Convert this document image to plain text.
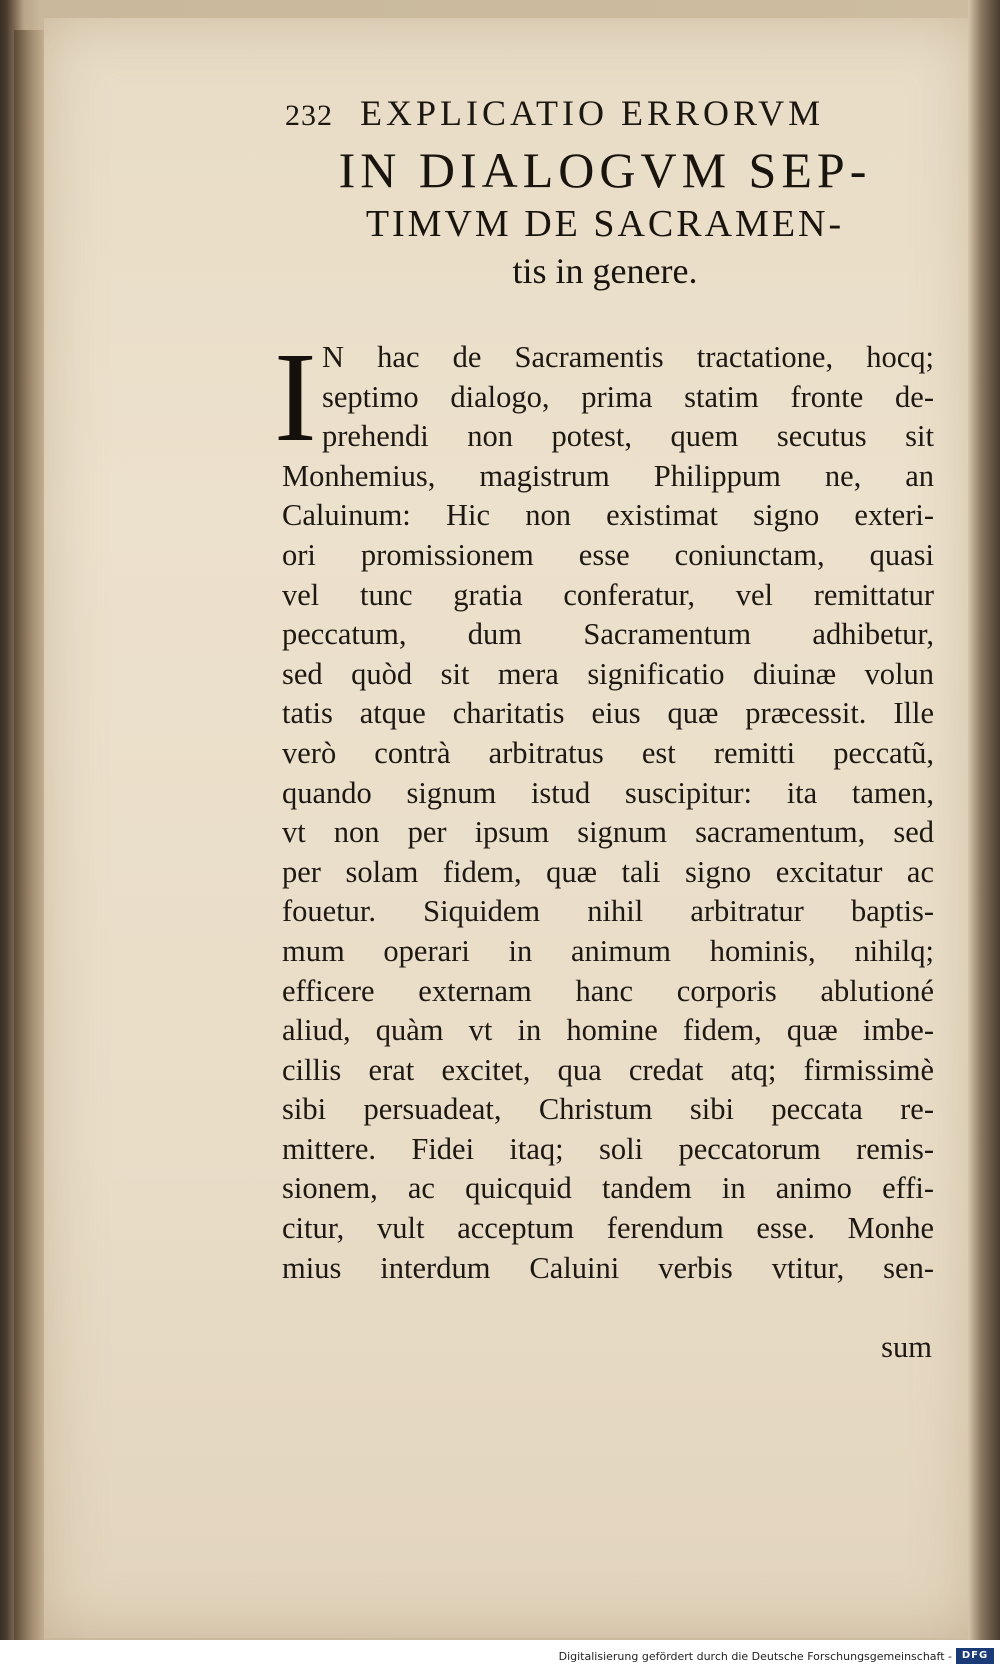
232 EXPLICATIO ERRORVM
IN DIALOGVM SEP-
TIMVM DE SACRAMEN-
tis in genere.
I N hac de Sacramentis tractatione, hocq;
septimo dialogo, prima statim fronte de-
prehendi non potest, quem secutus sit
Monhemius, magistrum Philippum ne, an
Caluinum: Hic non existimat signo exteri-
ori promissionem esse coniunctam, quasi
vel tunc gratia conferatur, vel remittatur
peccatum, dum Sacramentum adhibetur,
sed quòd sit mera significatio diuinæ volun
tatis atque charitatis eius quæ præcessit. Ille
verò contrà arbitratus est remitti peccatũ,
quando signum istud suscipitur: ita tamen,
vt non per ipsum signum sacramentum, sed
per solam fidem, quæ tali signo excitatur ac
fouetur. Siquidem nihil arbitratur baptis-
mum operari in animum hominis, nihilq;
efficere externam hanc corporis ablutioné
aliud, quàm vt in homine fidem, quæ imbe-
cillis erat excitet, qua credat atq; firmissimè
sibi persuadeat, Christum sibi peccata re-
mittere. Fidei itaq; soli peccatorum remis-
sionem, ac quicquid tandem in animo effi-
citur, vult acceptum ferendum esse. Monhe
mius interdum Caluini verbis vtitur, sen-
sum
Digitalisierung gefördert durch die Deutsche Forschungsgemeinschaft - DFG
